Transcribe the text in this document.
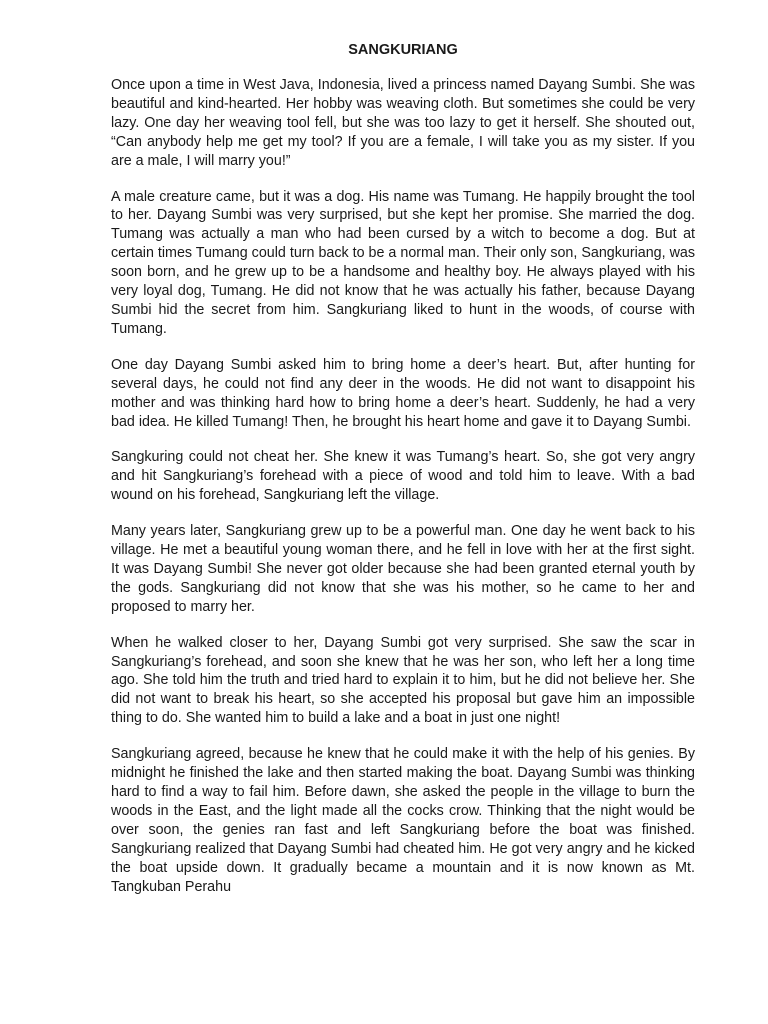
SANGKURIANG

Once upon a time in West Java, Indonesia, lived a princess named Dayang Sumbi. She was beautiful and kind-hearted. Her hobby was weaving cloth. But sometimes she could be very lazy. One day her weaving tool fell, but she was too lazy to get it herself. She shouted out, “Can anybody help me get my tool? If you are a female, I will take you as my sister. If you are a male, I will marry you!”

A male creature came, but it was a dog. His name was Tumang. He happily brought the tool to her. Dayang Sumbi was very surprised, but she kept her promise. She married the dog. Tumang was actually a man who had been cursed by a witch to become a dog. But at certain times Tumang could turn back to be a normal man. Their only son, Sangkuriang, was soon born, and he grew up to be a handsome and healthy boy. He always played with his very loyal dog, Tumang. He did not know that he was actually his father, because Dayang Sumbi hid the secret from him. Sangkuriang liked to hunt in the woods, of course with Tumang.

One day Dayang Sumbi asked him to bring home a deer’s heart. But, after hunting for several days, he could not find any deer in the woods. He did not want to disappoint his mother and was thinking hard how to bring home a deer’s heart. Suddenly, he had a very bad idea. He killed Tumang! Then, he brought his heart home and gave it to Dayang Sumbi.

Sangkuring could not cheat her. She knew it was Tumang’s heart. So, she got very angry and hit Sangkuriang’s forehead with a piece of wood and told him to leave. With a bad wound on his forehead, Sangkuriang left the village.

Many years later, Sangkuriang grew up to be a powerful man. One day he went back to his village. He met a beautiful young woman there, and he fell in love with her at the first sight. It was Dayang Sumbi! She never got older because she had been granted eternal youth by the gods. Sangkuriang did not know that she was his mother, so he came to her and proposed to marry her.

When he walked closer to her, Dayang Sumbi got very surprised. She saw the scar in Sangkuriang’s forehead, and soon she knew that he was her son, who left her a long time ago. She told him the truth and tried hard to explain it to him, but he did not believe her. She did not want to break his heart, so she accepted his proposal but gave him an impossible thing to do. She wanted him to build a lake and a boat in just one night!

Sangkuriang agreed, because he knew that he could make it with the help of his genies. By midnight he finished the lake and then started making the boat. Dayang Sumbi was thinking hard to find a way to fail him. Before dawn, she asked the people in the village to burn the woods in the East, and the light made all the cocks crow. Thinking that the night would be over soon, the genies ran fast and left Sangkuriang before the boat was finished. Sangkuriang realized that Dayang Sumbi had cheated him. He got very angry and he kicked the boat upside down. It gradually became a mountain and it is now known as Mt. Tangkuban Perahu
